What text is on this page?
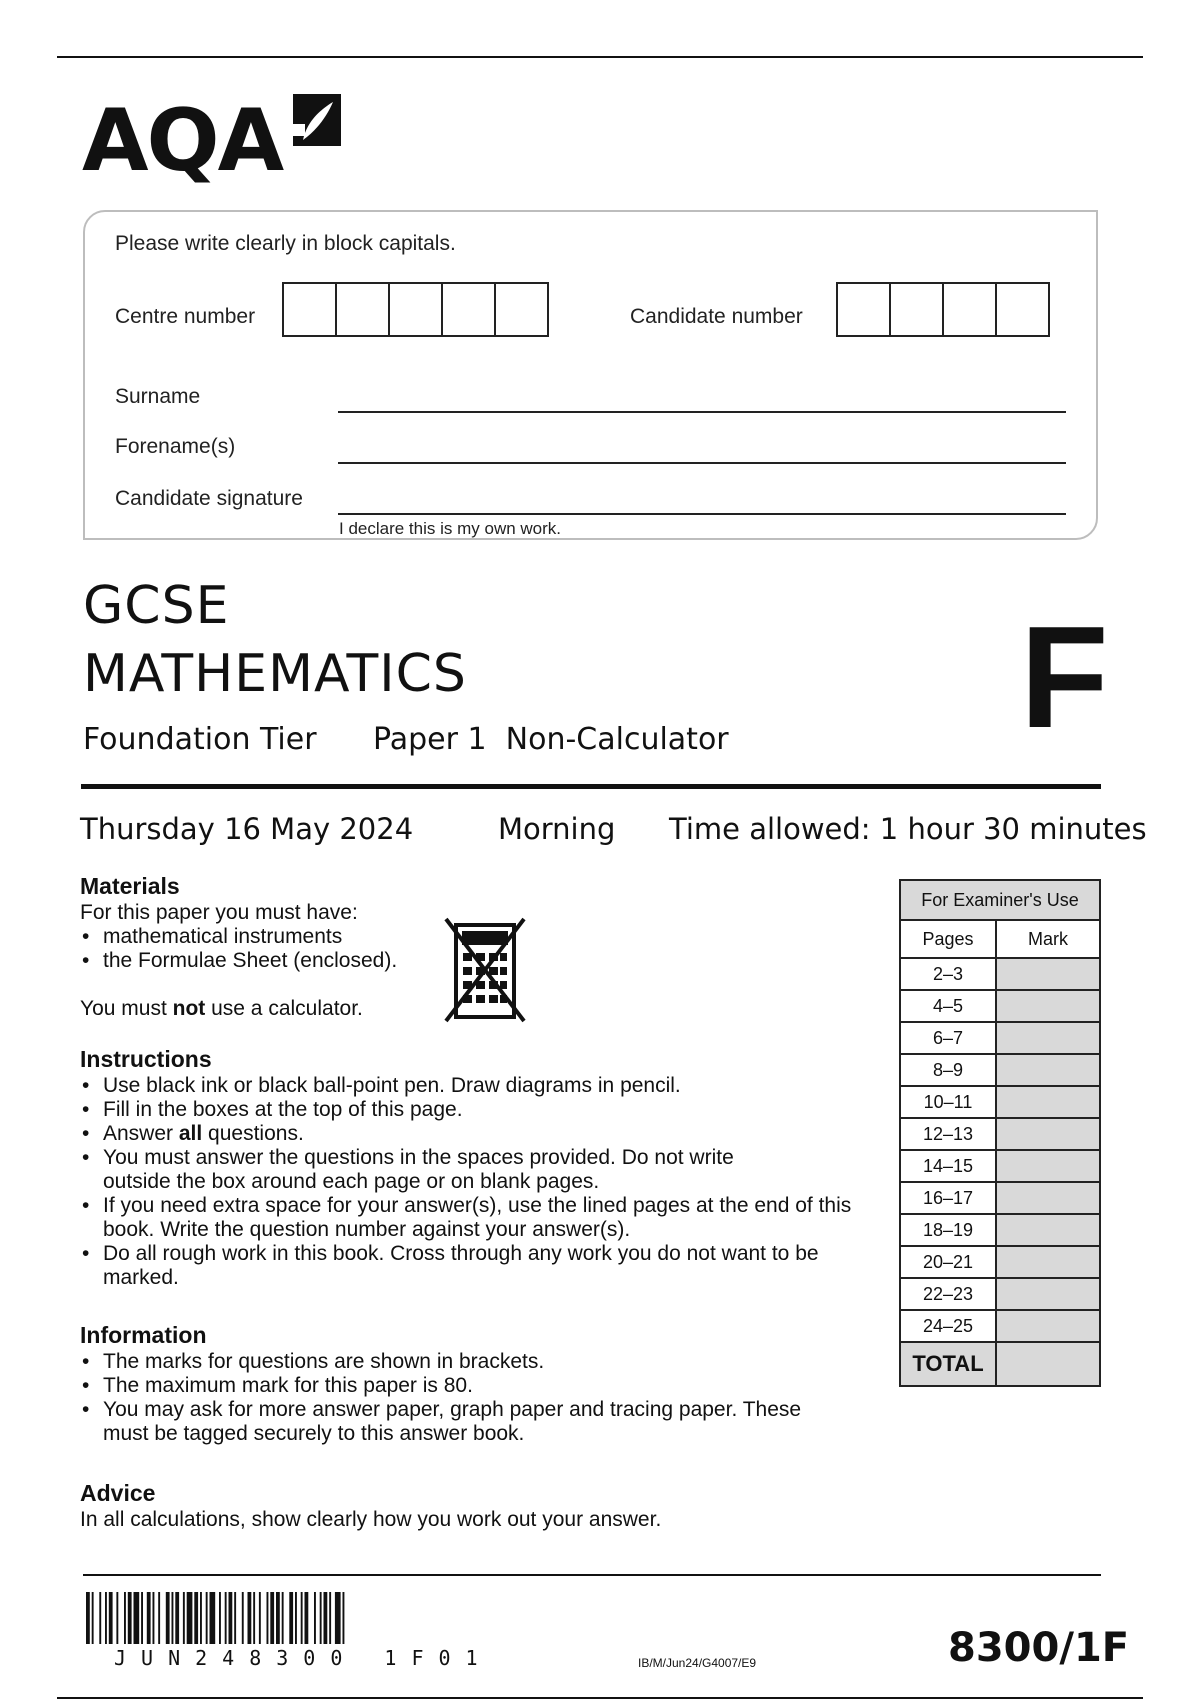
AQA
Please write clearly in block capitals.
Centre number	Candidate number
Surname
Forename(s)
Candidate signature
I declare this is my own work.
GCSE
MATHEMATICS
Foundation Tier Paper 1  Non-Calculator F
Thursday 16 May 2024	Morning Time allowed: 1 hour 30 minutes

Materials

For this paper you must have:

• mathematical instruments
• the Formulae Sheet (enclosed).

You must not use a calculator.

Instructions

• Use black ink or black ball-point pen. Draw diagrams in pencil.
• Fill in the boxes at the top of this page.
• Answer all questions.
• You must answer the questions in the spaces provided. Do not write outside the box around each page or on blank pages.
• If you need extra space for your answer(s), use the lined pages at the end of this book. Write the question number against your answer(s).
• Do all rough work in this book. Cross through any work you do not want to be marked.

Information

• The marks for questions are shown in brackets.
• The maximum mark for this paper is 80.
• You may ask for more answer paper, graph paper and tracing paper. These must be tagged securely to this answer book.

Advice

In all calculations, show clearly how you work out your answer.

For Examiner's Use	
Pages	Mark
2–3	
4–5	
6–7	
8–9	
10–11	
12–13	
14–15	
16–17	
18–19	
20–21	
22–23	
24–25	
TOTAL	
JUN248300 1F01	IB/M/Jun24/G4007/E9	8300/1F
